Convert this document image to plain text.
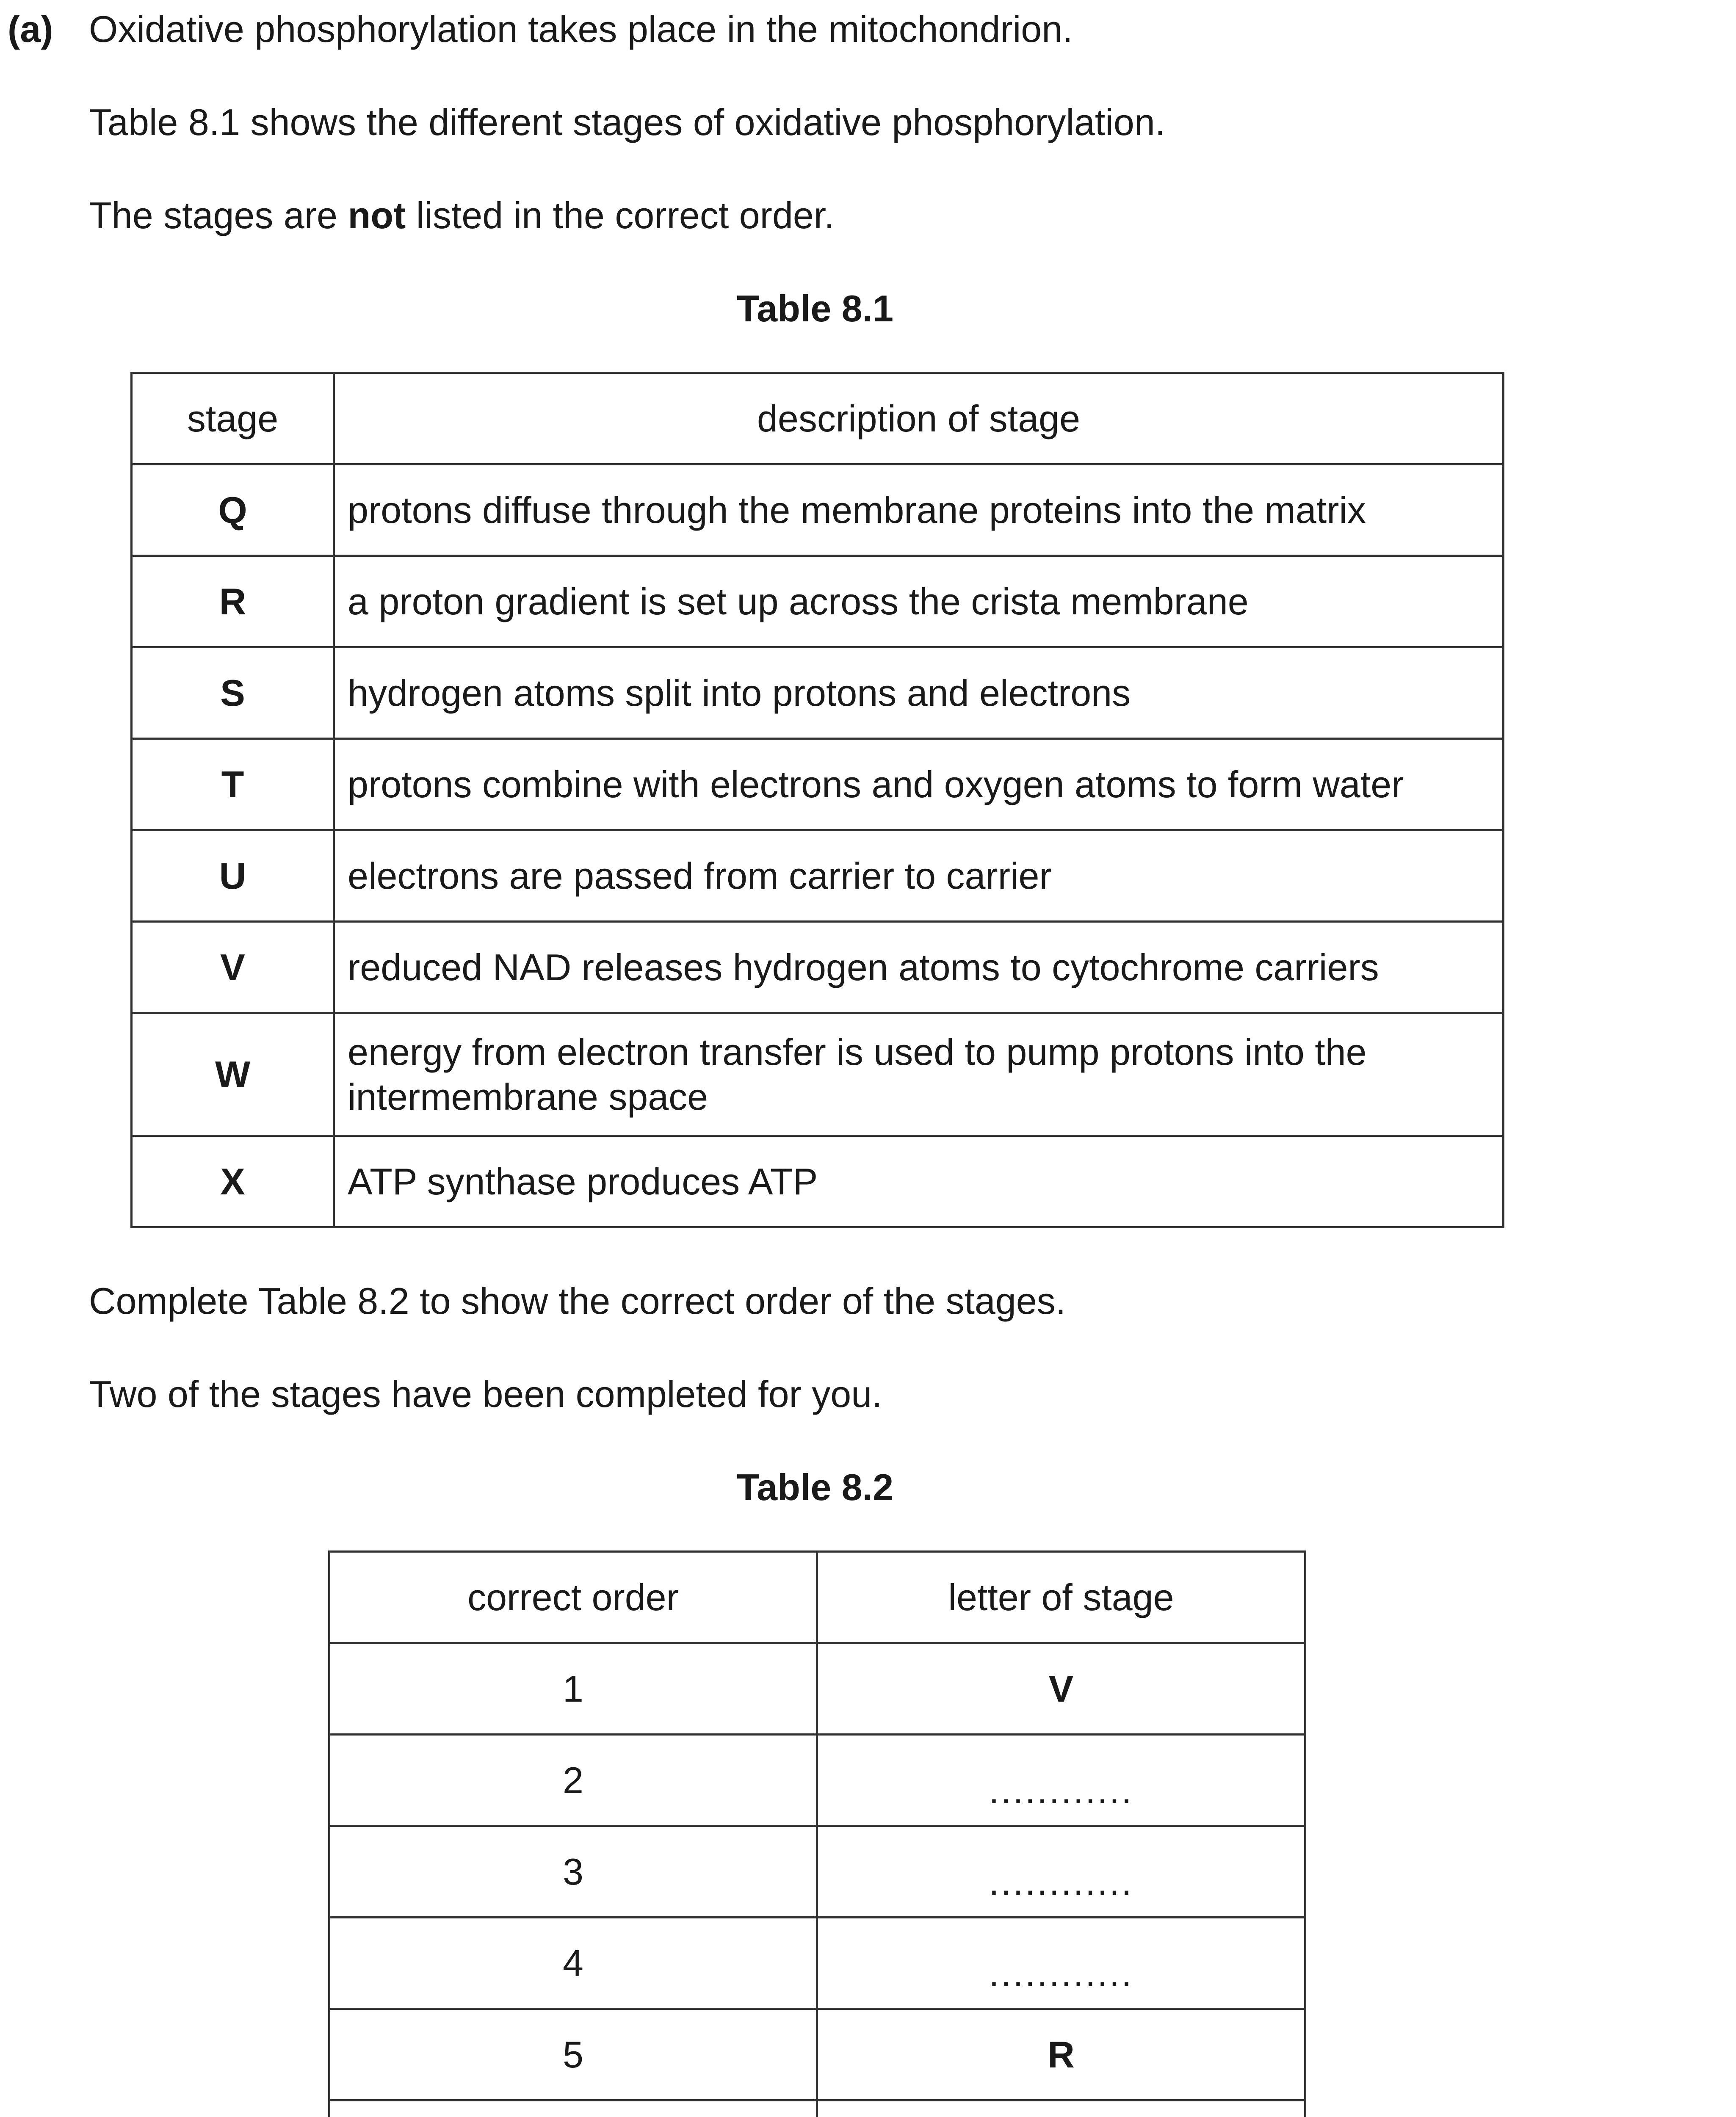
(a) Oxidative phosphorylation takes place in the mitochondrion.
Table 8.1 shows the different stages of oxidative phosphorylation.
The stages are not listed in the correct order.
Table 8.1
stage	description of stage
Q	protons diffuse through the membrane proteins into the matrix
R	a proton gradient is set up across the crista membrane
S	hydrogen atoms split into protons and electrons
T	protons combine with electrons and oxygen atoms to form water
U	electrons are passed from carrier to carrier
V	reduced NAD releases hydrogen atoms to cytochrome carriers
W	energy from electron transfer is used to pump protons into the
intermembrane space

X	ATP synthase produces ATP
Complete Table 8.2 to show the correct order of the stages.
Two of the stages have been completed for you.
Table 8.2
correct order	letter of stage
1	V
2	............
3	............
4	............
5	R
